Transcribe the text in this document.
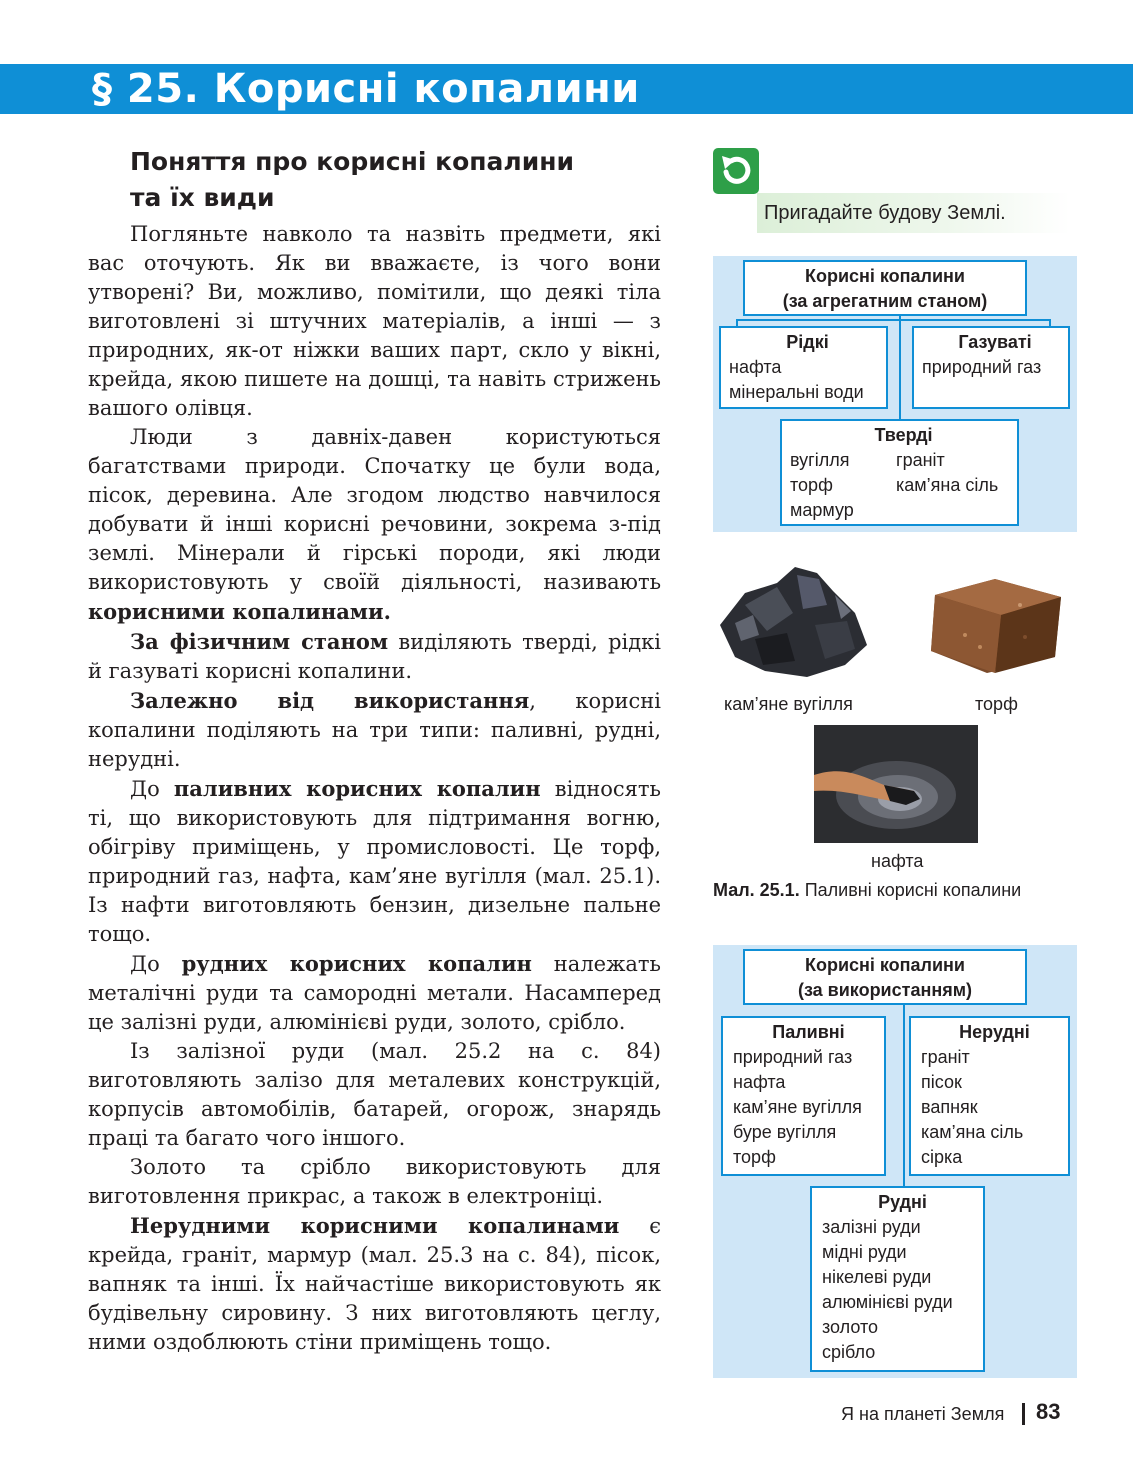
§ 25. Корисні копалини
Поняття про корисні копалини
та їх види

Погляньте навколо та назвіть предмети, які вас оточують. Як ви вважаєте, із чого вони утворені? Ви, можливо, помітили, що деякі тіла виготовлені зі штучних матеріалів, а інші — з природних, як-от ніжки ваших парт, скло у вікні, крейда, якою пишете на дошці, та навіть стрижень вашого олівця.

Люди з давніх-давен користуються багатствами природи. Спочатку це були вода, пісок, деревина. Але згодом людство навчилося добувати й інші корисні речовини, зокрема з-під землі. Мінерали й гірські породи, які люди використовують у своїй діяльності, називають корисними копалинами.

За фізичним станом виділяють тверді, рідкі й газуваті корисні копалини.

Залежно від використання, корисні копалини поділяють на три типи: паливні, рудні, нерудні.

До паливних корисних копалин відносять ті, що використовують для підтримання вогню, обігріву приміщень, у промисловості. Це торф, природний газ, нафта, кам’яне вугілля (мал. 25.1). Із нафти виготовляють бензин, дизельне пальне тощо.

До рудних корисних копалин належать металічні руди та самородні метали. Насамперед це залізні руди, алюмінієві руди, золото, срібло.

Із залізної руди (мал. 25.2 на с. 84) виготовляють залізо для металевих конструкцій, корпусів автомобілів, батарей, огорож, знарядь праці та багато чого іншого.

Золото та срібло використовують для виготовлення прикрас, а також в електроніці.

Нерудними корисними копалинами є крейда, граніт, мармур (мал. 25.3 на с. 84), пісок, вапняк та інші. Їх найчастіше використовують як будівельну сировину. З них виготовляють цеглу, ними оздоблюють стіни приміщень тощо.

Пригадайте будову Землі.
Корисні копалини
(за агрегатним станом)
Рідкі
нафта
мінеральні води
Газуваті
природний газ
Тверді
вугілля
торф
мармур
граніт
кам’яна сіль
кам’яне вугілля	торф
нафта
Мал. 25.1. Паливні корисні копалини
Корисні копалини
(за використанням)
Паливні
природний газ
нафта
кам’яне вугілля
буре вугілля
торф
Нерудні
граніт
пісок
вапняк
кам’яна сіль
сірка
Рудні
залізні руди
мідні руди
нікелеві руди
алюмінієві руди
золото
срібло
Я на планеті Земля 83
